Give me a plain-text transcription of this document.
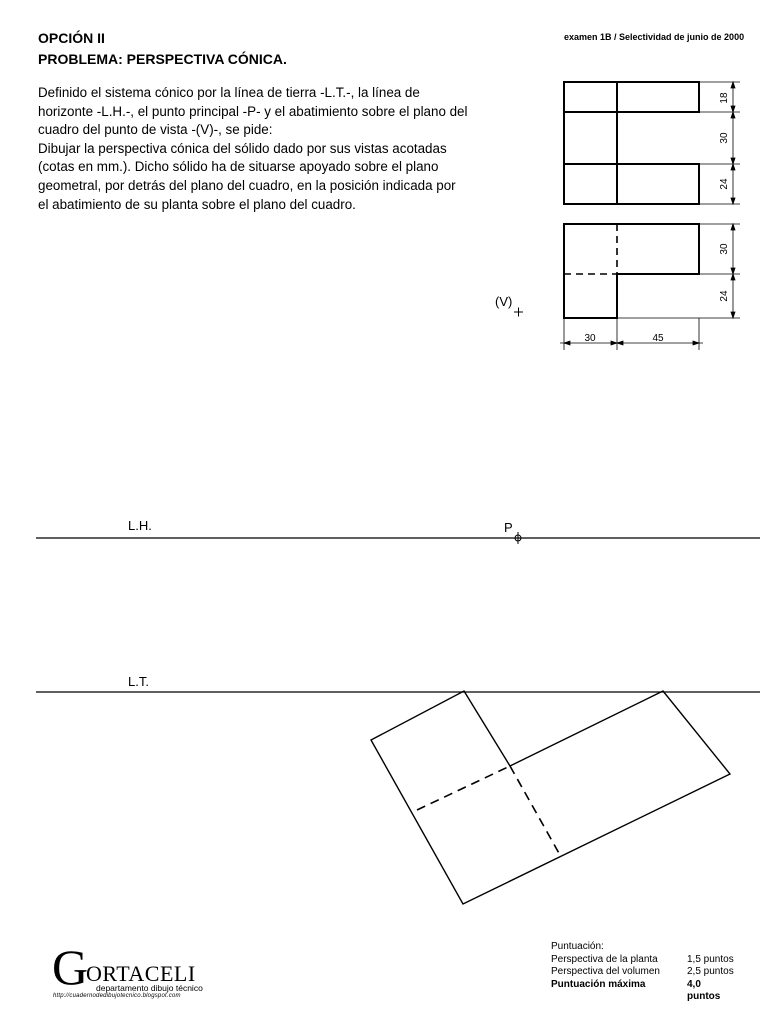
OPCIÓN II
PROBLEMA: PERSPECTIVA CÓNICA.
examen 1B / Selectividad de junio de 2000

Definido el sistema cónico por la línea de tierra -L.T.-, la línea de horizonte -L.H.-, el punto principal -P- y el abatimiento sobre el plano del cuadro del punto de vista -(V)-, se pide:

Dibujar la perspectiva cónica del sólido dado por sus vistas acotadas (cotas en mm.). Dicho sólido ha de situarse apoyado sobre el plano geometral, por detrás del plano del cuadro, en la posición indicada por el abatimiento de su planta sobre el plano del cuadro.

18
30
24
30
24
30	45
(V)
L.H.	P
L.T.
Puntuación:
Perspectiva de la planta	1,5 puntos
Perspectiva del volumen	2,5 puntos
Puntuación máxima	4,0 puntos
G
ORTACELI
departamento dibujo técnico
http://cuadernodedibujotecnico.blogspot.com
